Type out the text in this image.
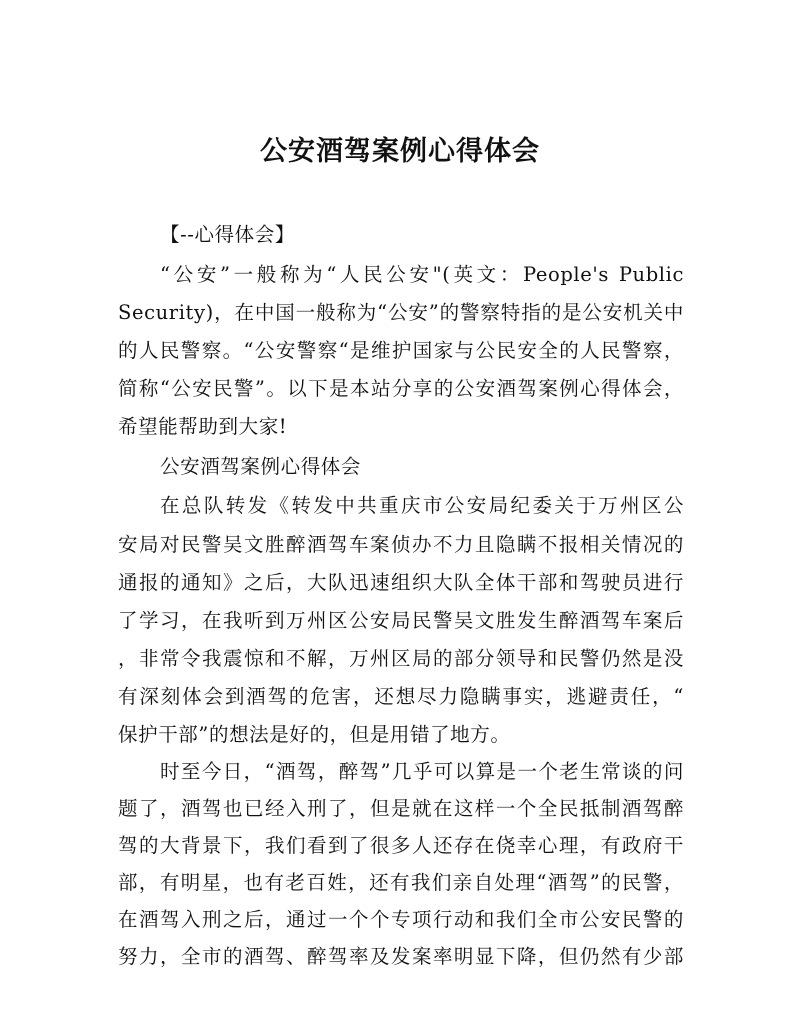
公安酒驾案例心得体会
【--心得体会】
“公安”一般称为“人民公安"(英文：People's Public
Security)，在中国一般称为“公安”的警察特指的是公安机关中
的人民警察。“公安警察“是维护国家与公民安全的人民警察，
简称“公安民警”。以下是本站分享的公安酒驾案例心得体会，
希望能帮助到大家!
公安酒驾案例心得体会
在总队转发《转发中共重庆市公安局纪委关于万州区公
安局对民警吴文胜醉酒驾车案侦办不力且隐瞒不报相关情况的
通报的通知》之后，大队迅速组织大队全体干部和驾驶员进行
了学习，在我听到万州区公安局民警吴文胜发生醉酒驾车案后
，非常令我震惊和不解，万州区局的部分领导和民警仍然是没
有深刻体会到酒驾的危害，还想尽力隐瞒事实，逃避责任，“
保护干部”的想法是好的，但是用错了地方。
时至今日，“酒驾，醉驾”几乎可以算是一个老生常谈的问
题了，酒驾也已经入刑了，但是就在这样一个全民抵制酒驾醉
驾的大背景下，我们看到了很多人还存在侥幸心理，有政府干
部，有明星，也有老百姓，还有我们亲自处理“酒驾”的民警，
在酒驾入刑之后，通过一个个专项行动和我们全市公安民警的
努力，全市的酒驾、醉驾率及发案率明显下降，但仍然有少部
